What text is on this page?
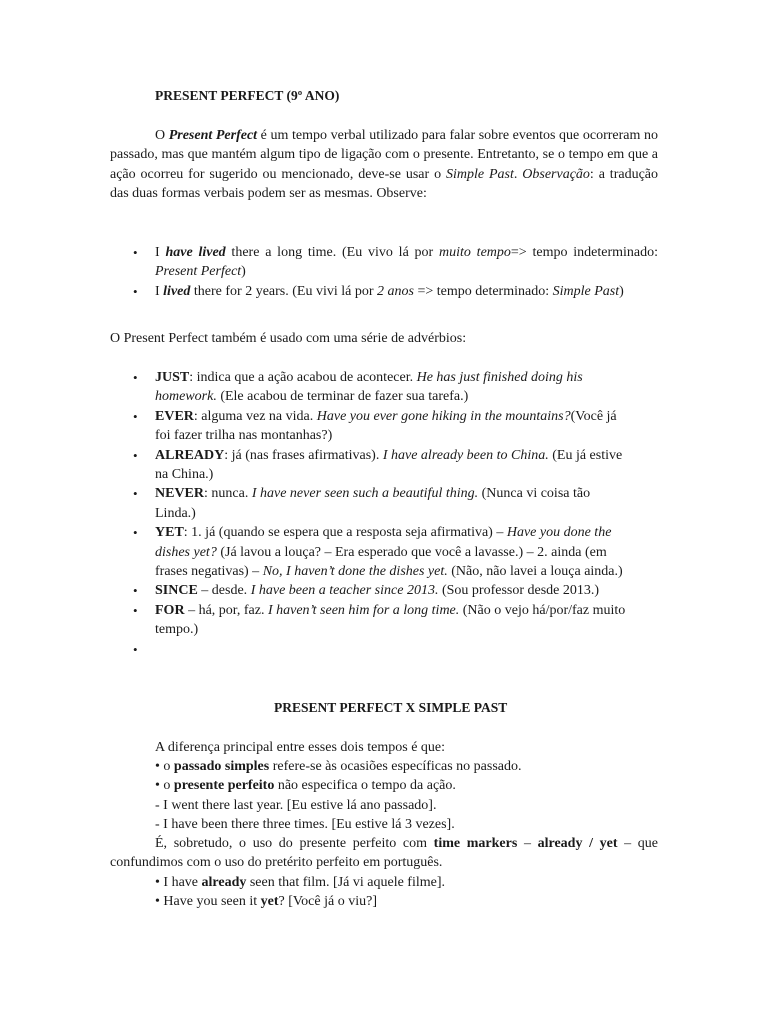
PRESENT PERFECT (9º ANO)
O Present Perfect é um tempo verbal utilizado para falar sobre eventos que ocorreram no passado, mas que mantém algum tipo de ligação com o presente. Entretanto, se o tempo em que a ação ocorreu for sugerido ou mencionado, deve-se usar o Simple Past. Observação: a tradução das duas formas verbais podem ser as mesmas. Observe:
• I have lived there a long time. (Eu vivo lá por muito tempo=> tempo indeterminado: Present Perfect)
• I lived there for 2 years. (Eu vivi lá por 2 anos => tempo determinado: Simple Past)
O Present Perfect também é usado com uma série de advérbios:
• JUST: indica que a ação acabou de acontecer. He has just finished doing his homework. (Ele acabou de terminar de fazer sua tarefa.)
• EVER: alguma vez na vida. Have you ever gone hiking in the mountains?(Você já foi fazer trilha nas montanhas?)
• ALREADY: já (nas frases afirmativas). I have already been to China. (Eu já estive na China.)
• NEVER: nunca. I have never seen such a beautiful thing. (Nunca vi coisa tão Linda.)
• YET: 1. já (quando se espera que a resposta seja afirmativa) – Have you done the dishes yet? (Já lavou a louça? – Era esperado que você a lavasse.) – 2. ainda (em frases negativas) – No, I haven’t done the dishes yet. (Não, não lavei a louça ainda.)
• SINCE – desde. I have been a teacher since 2013. (Sou professor desde 2013.)
• FOR – há, por, faz. I haven’t seen him for a long time. (Não o vejo há/por/faz muito tempo.)
•
PRESENT PERFECT X SIMPLE PAST
A diferença principal entre esses dois tempos é que:
• o passado simples refere-se às ocasiões específicas no passado.
• o presente perfeito não especifica o tempo da ação.
- I went there last year. [Eu estive lá ano passado].
- I have been there three times. [Eu estive lá 3 vezes].
É, sobretudo, o uso do presente perfeito com time markers – already / yet – que confundimos com o uso do pretérito perfeito em português.
• I have already seen that film. [Já vi aquele filme].
• Have you seen it yet? [Você já o viu?]
